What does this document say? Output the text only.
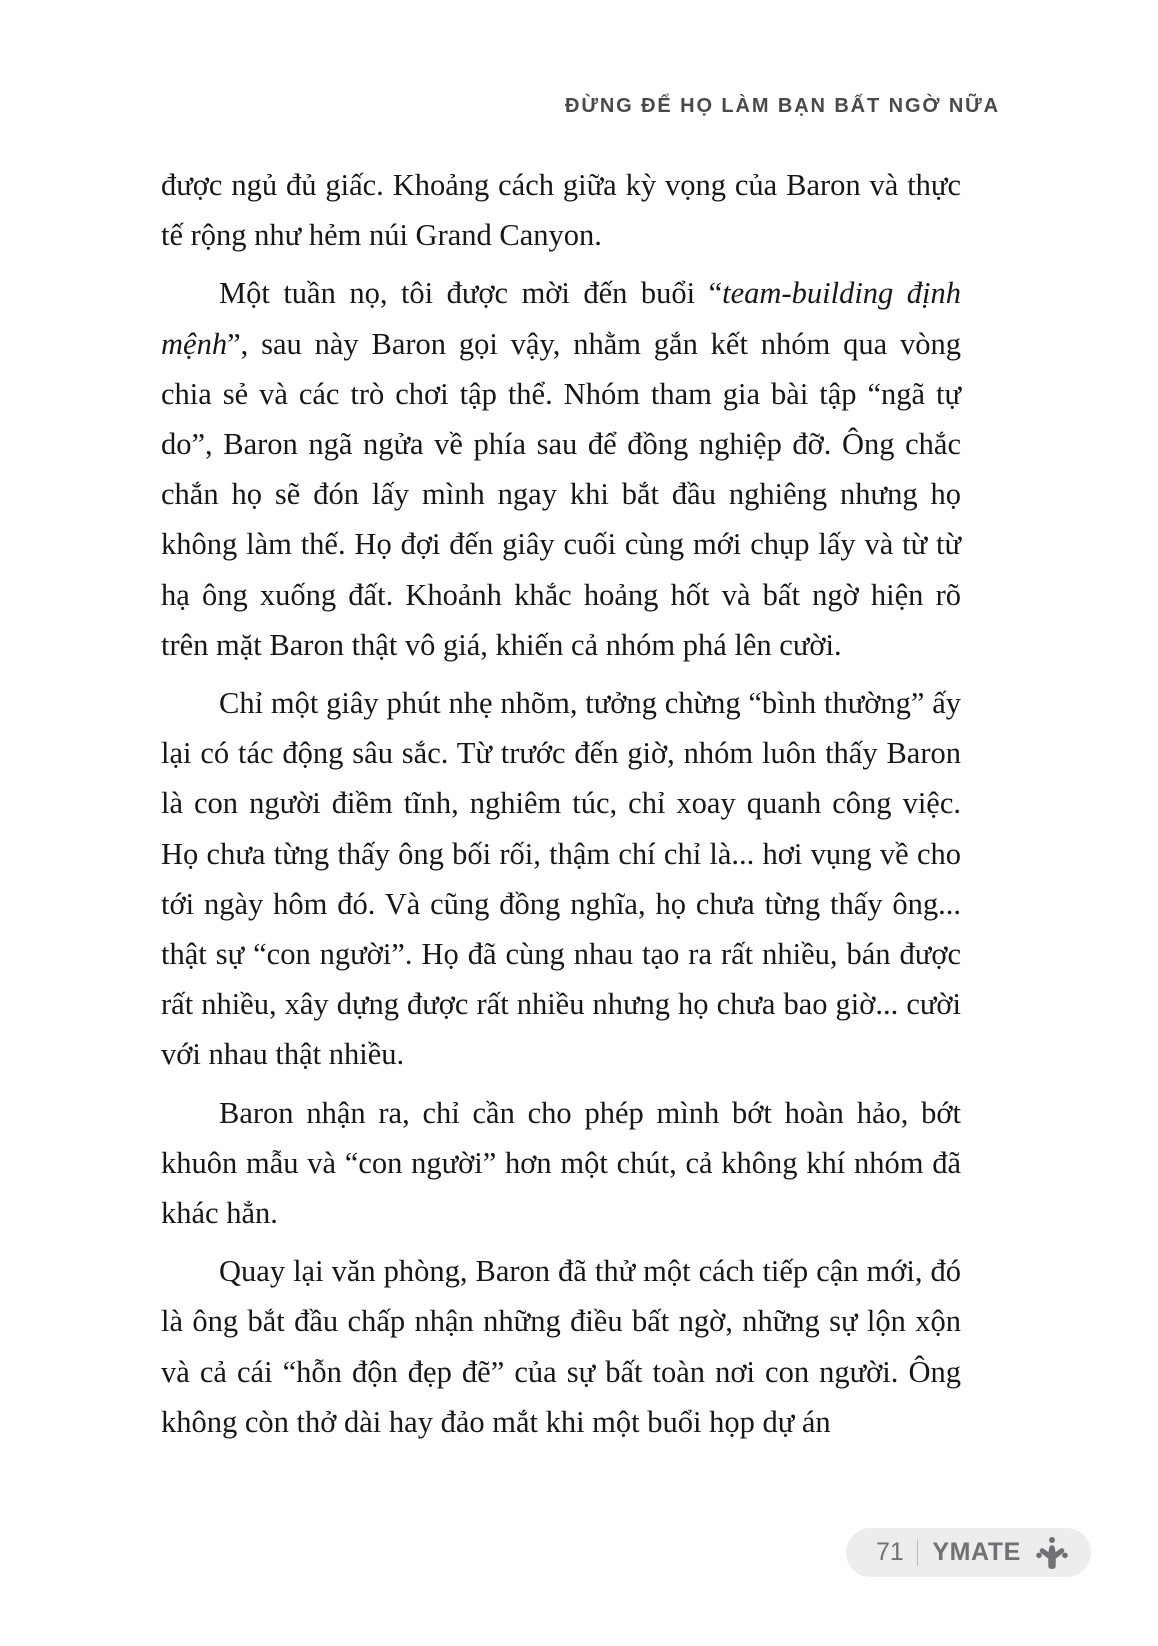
ĐỪNG ĐỂ HỌ LÀM BẠN BẤT NGỜ NỮA

được ngủ đủ giấc. Khoảng cách giữa kỳ vọng của Baron và thực tế rộng như hẻm núi Grand Canyon.

Một tuần nọ, tôi được mời đến buổi “team-building định mệnh”, sau này Baron gọi vậy, nhằm gắn kết nhóm qua vòng chia sẻ và các trò chơi tập thể. Nhóm tham gia bài tập “ngã tự do”, Baron ngã ngửa về phía sau để đồng nghiệp đỡ. Ông chắc chắn họ sẽ đón lấy mình ngay khi bắt đầu nghiêng nhưng họ không làm thế. Họ đợi đến giây cuối cùng mới chụp lấy và từ từ hạ ông xuống đất. Khoảnh khắc hoảng hốt và bất ngờ hiện rõ trên mặt Baron thật vô giá, khiến cả nhóm phá lên cười.

Chỉ một giây phút nhẹ nhõm, tưởng chừng “bình thường” ấy lại có tác động sâu sắc. Từ trước đến giờ, nhóm luôn thấy Baron là con người điềm tĩnh, nghiêm túc, chỉ xoay quanh công việc. Họ chưa từng thấy ông bối rối, thậm chí chỉ là... hơi vụng về cho tới ngày hôm đó. Và cũng đồng nghĩa, họ chưa từng thấy ông... thật sự “con người”. Họ đã cùng nhau tạo ra rất nhiều, bán được rất nhiều, xây dựng được rất nhiều nhưng họ chưa bao giờ... cười với nhau thật nhiều.

Baron nhận ra, chỉ cần cho phép mình bớt hoàn hảo, bớt khuôn mẫu và “con người” hơn một chút, cả không khí nhóm đã khác hẳn.

Quay lại văn phòng, Baron đã thử một cách tiếp cận mới, đó là ông bắt đầu chấp nhận những điều bất ngờ, những sự lộn xộn và cả cái “hỗn độn đẹp đẽ” của sự bất toàn nơi con người. Ông không còn thở dài hay đảo mắt khi một buổi họp dự án

71	YMATE
